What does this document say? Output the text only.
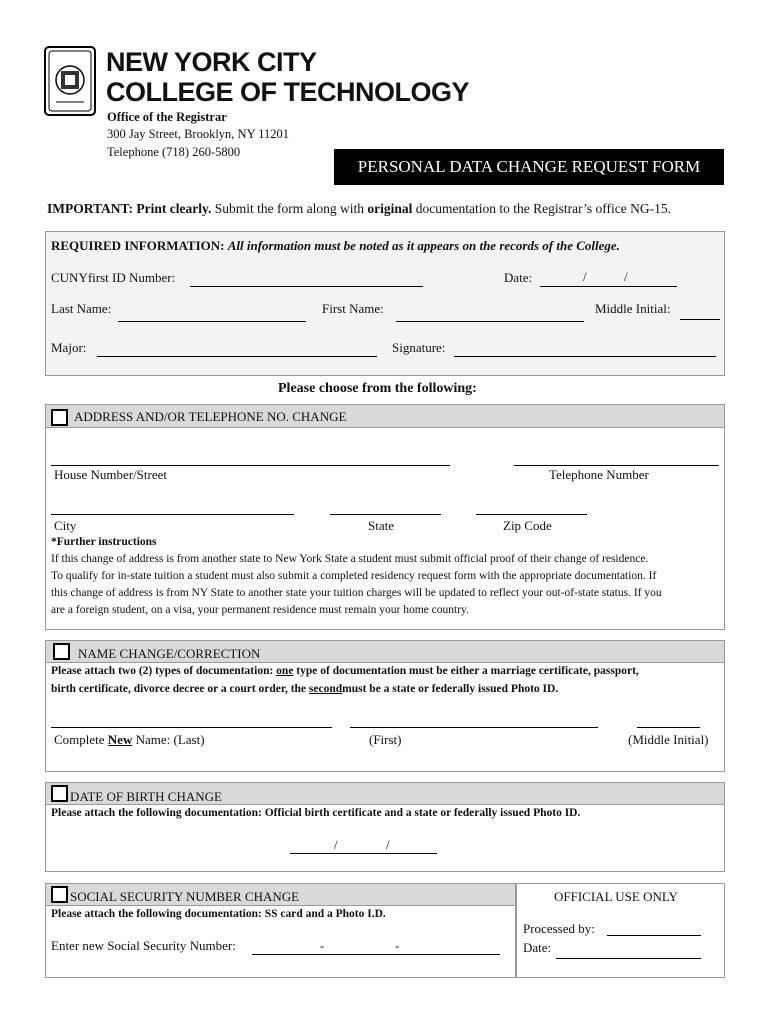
NEW YORK CITY
COLLEGE OF TECHNOLOGY
Office of the Registrar
300 Jay Street, Brooklyn, NY 11201
Telephone (718) 260-5800
PERSONAL DATA CHANGE REQUEST FORM
IMPORTANT: Print clearly. Submit the form along with original documentation to the Registrar’s office NG-15.
REQUIRED INFORMATION: All information must be noted as it appears on the records of the College.
CUNYfirst ID Number:	Date:	/	/
Last Name:	First Name:	Middle Initial:
Major:	Signature:
Please choose from the following:
ADDRESS AND/OR TELEPHONE NO. CHANGE
House Number/Street	Telephone Number
City	State	Zip Code
*Further instructions
If this change of address is from another state to New York State a student must submit official proof of their change of residence.
To qualify for in-state tuition a student must also submit a completed residency request form with the appropriate documentation. If
this change of address is from NY State to another state your tuition charges will be updated to reflect your out-of-state status. If you
are a foreign student, on a visa, your permanent residence must remain your home country.
NAME CHANGE/CORRECTION
Please attach two (2) types of documentation: one type of documentation must be either a marriage certificate, passport,
birth certificate, divorce decree or a court order, the secondmust be a state or federally issued Photo ID.
Complete New Name: (Last)	(First)	(Middle Initial)
DATE OF BIRTH CHANGE
Please attach the following documentation: Official birth certificate and a state or federally issued Photo ID.
/	/
SOCIAL SECURITY NUMBER CHANGE
Please attach the following documentation: SS card and a Photo I.D.
Enter new Social Security Number:	-	-
OFFICIAL USE ONLY
Processed by:
Date:
